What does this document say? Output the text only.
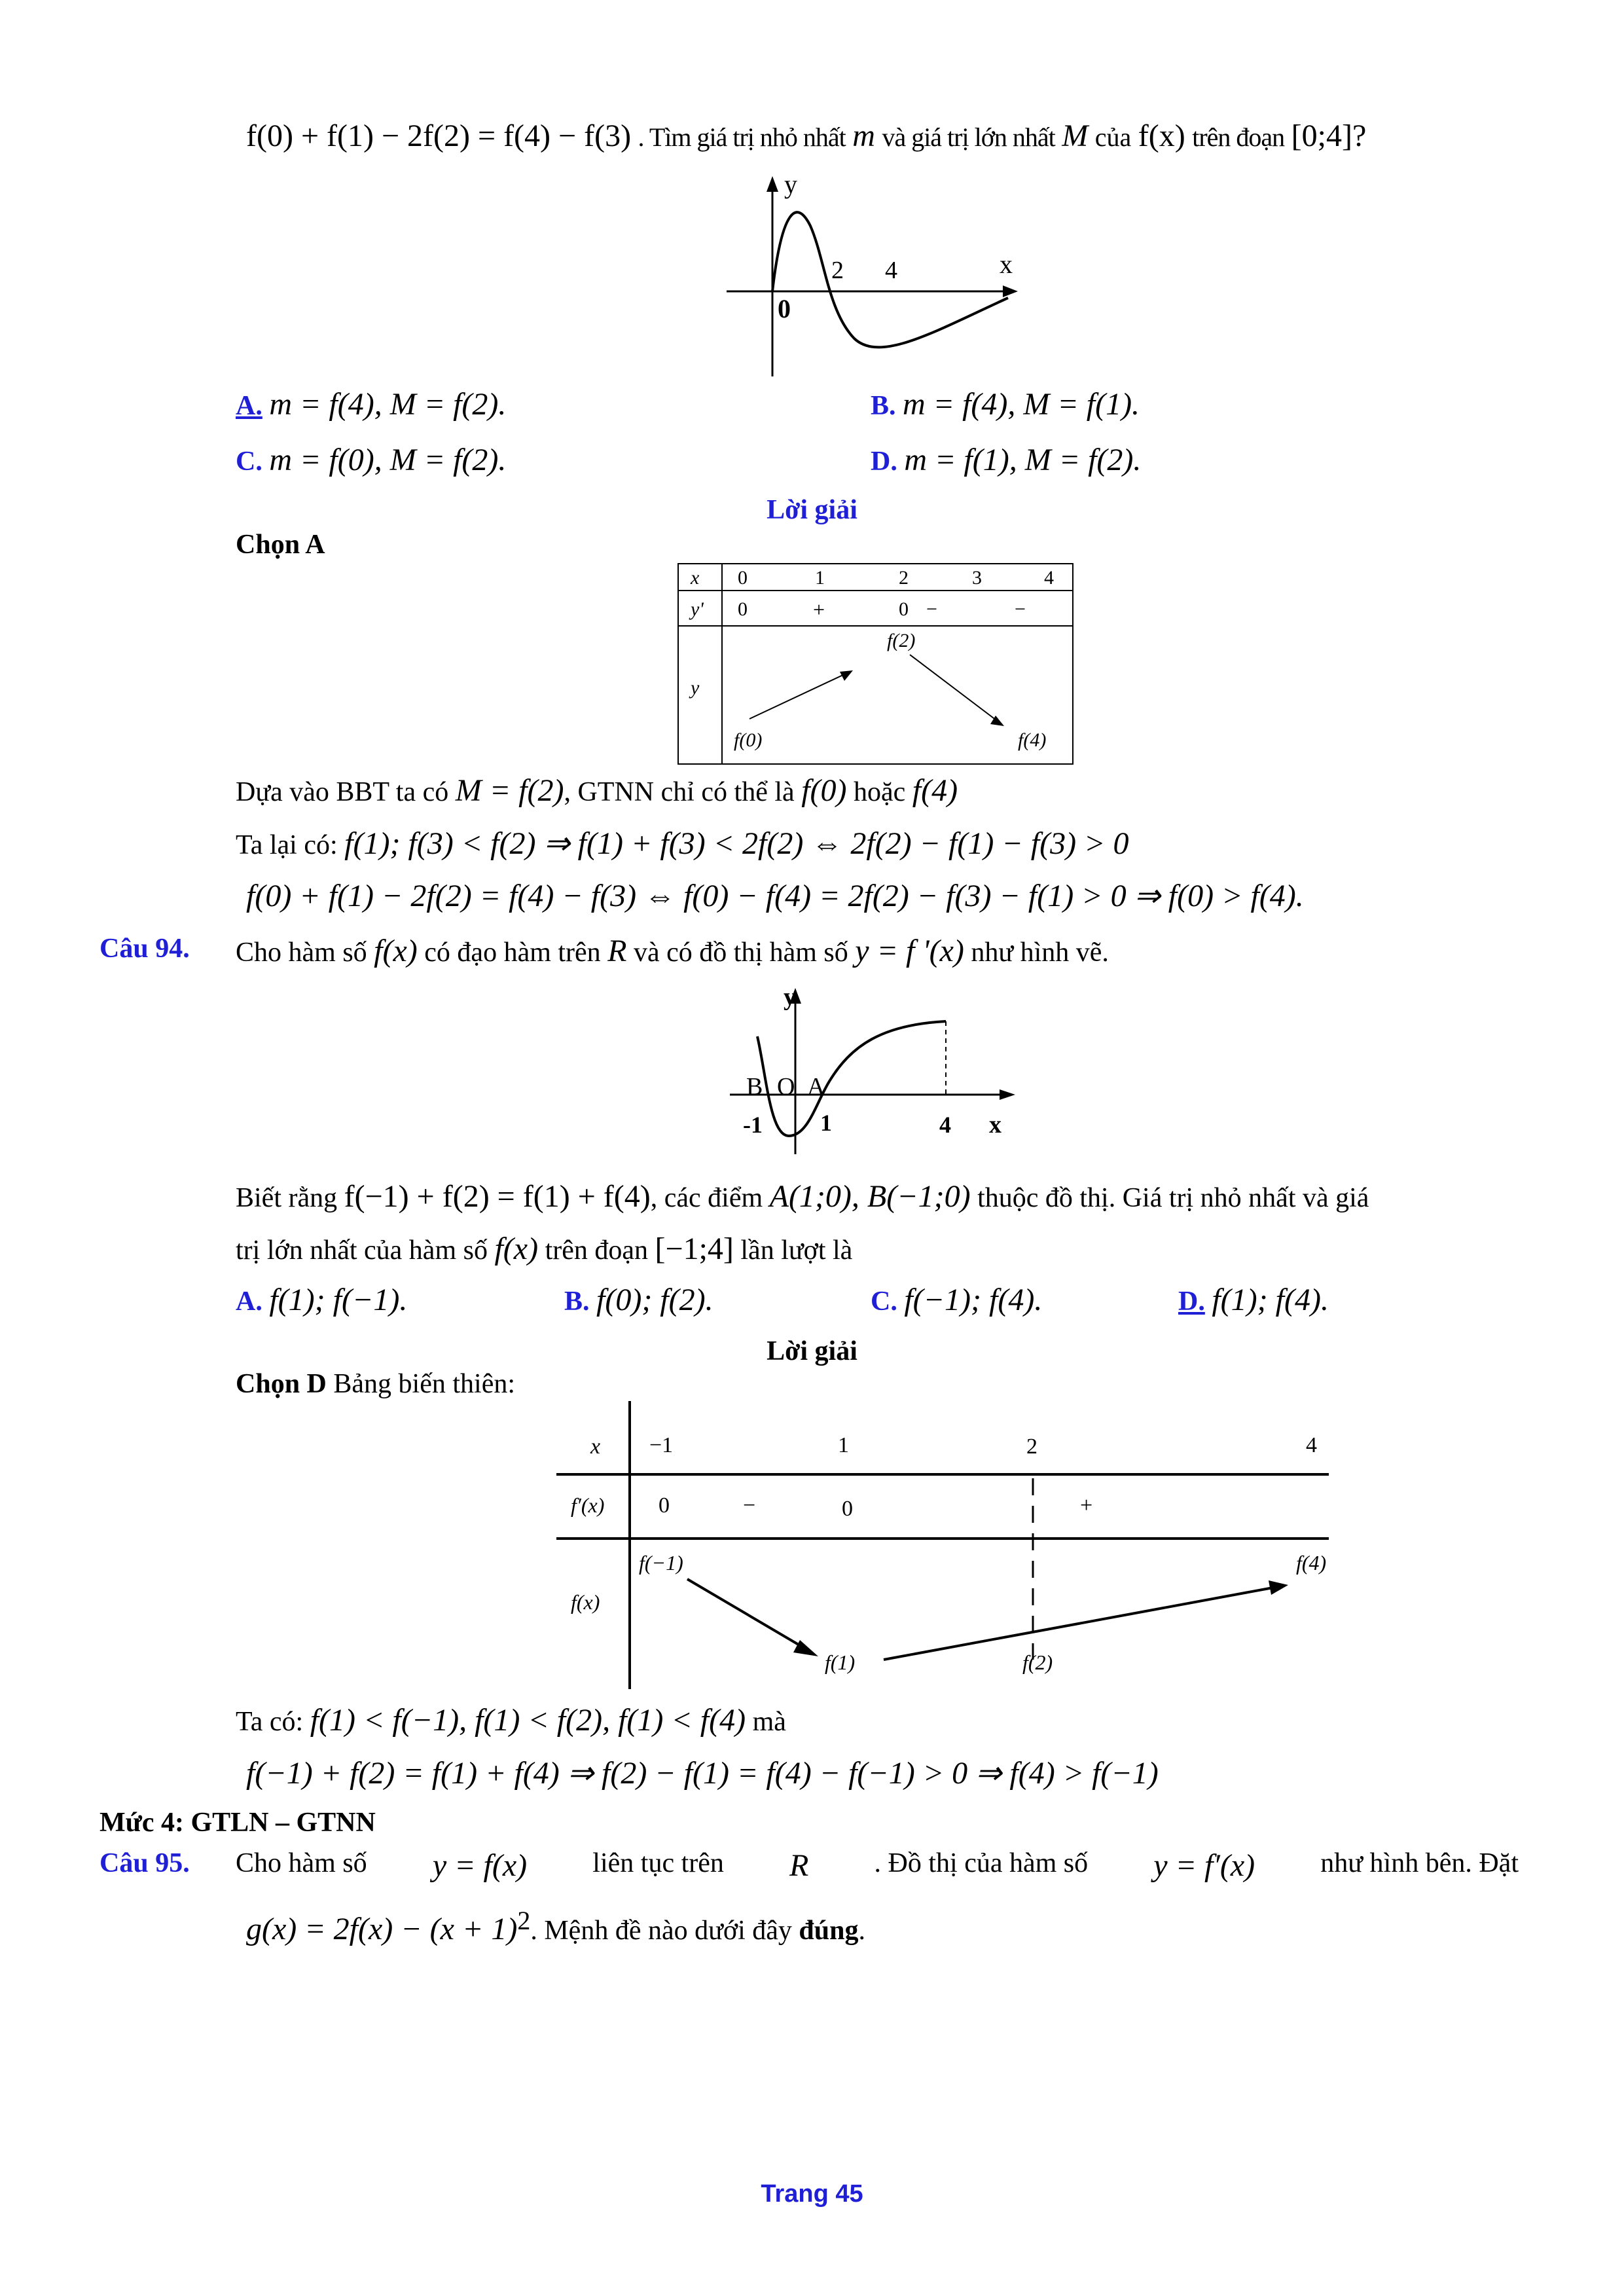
f(0) + f(1) − 2f(2) = f(4) − f(3) . Tìm giá trị nhỏ nhất m và giá trị lớn nhất M của f(x) trên đoạn [0;4]?
y
x
0
2 4
A. m = f(4), M = f(2).	B. m = f(4), M = f(1).
C. m = f(0), M = f(2).	D. m = f(1), M = f(2).
Lời giải
Chọn A
x 0	1	2	3	4
y' 0	+	0 −	−
y
f(2)
f(0)	f(4)
Dựa vào BBT ta có M = f(2), GTNN chỉ có thể là f(0) hoặc f(4)
Ta lại có: f(1); f(3) < f(2) ⇒ f(1) + f(3) < 2f(2) ⇔ 2f(2) − f(1) − f(3) > 0
f(0) + f(1) − 2f(2) = f(4) − f(3) ⇔ f(0) − f(4) = 2f(2) − f(3) − f(1) > 0 ⇒ f(0) > f(4).
Câu 94. Cho hàm số f(x) có đạo hàm trên R và có đồ thị hàm số y = f '(x) như hình vẽ.
y
x
B O A
-1 1	4
Biết rằng f(−1) + f(2) = f(1) + f(4), các điểm A(1;0), B(−1;0) thuộc đồ thị. Giá trị nhỏ nhất và giá
trị lớn nhất của hàm số f(x) trên đoạn [−1;4] lần lượt là
A. f(1); f(−1).	B. f(0); f(2).	C. f(−1); f(4).	D. f(1); f(4).
Lời giải
Chọn D Bảng biến thiên:
x −1	1	2	4
f′(x) 0	−	0	+
f(x)
f(−1)
f(1)	f(2)
f(4)
Ta có: f(1) < f(−1), f(1) < f(2), f(1) < f(4) mà
f(−1) + f(2) = f(1) + f(4) ⇒ f(2) − f(1) = f(4) − f(−1) > 0 ⇒ f(4) > f(−1)
Mức 4: GTLN – GTNN
Câu 95. Cho hàm số y = f(x) liên tục trên R . Đồ thị của hàm số y = f′(x) như hình bên. Đặt
$g(x) = 2f(x) - (x + 1)^2$. Mệnh đề nào dưới đây đúng.
Trang 45
